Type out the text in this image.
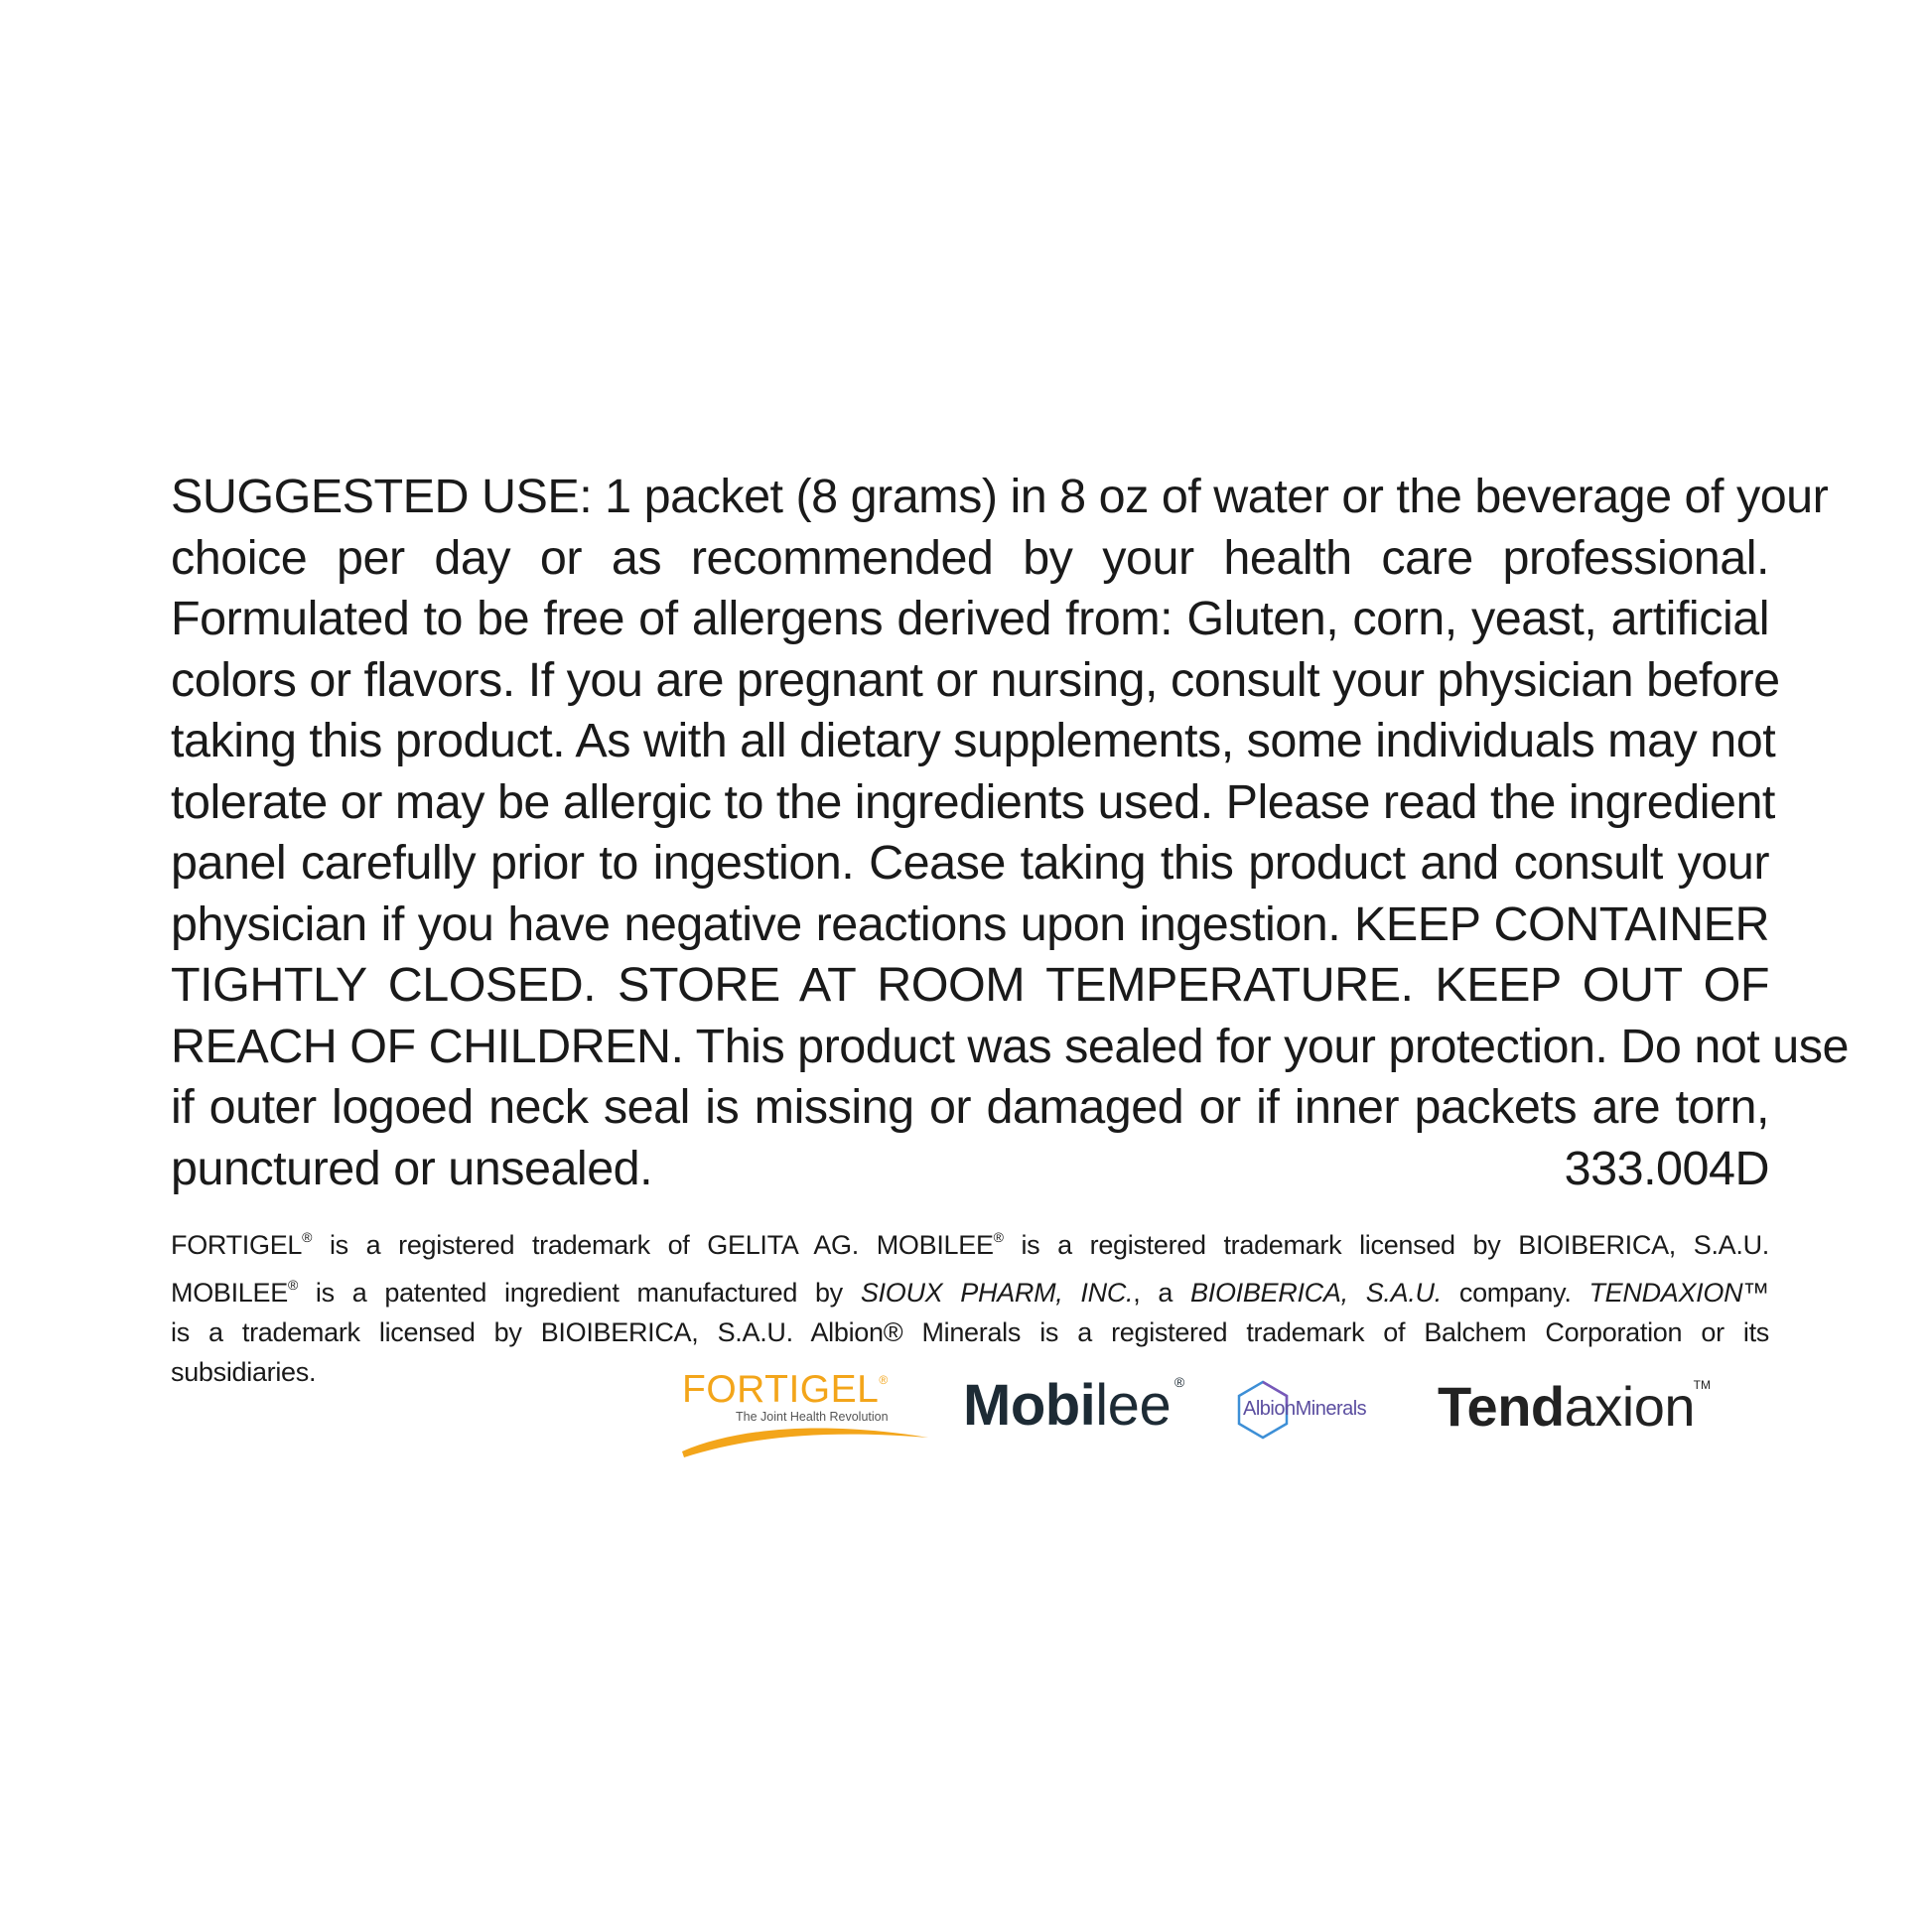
SUGGESTED USE: 1 packet (8 grams) in 8 oz of water or the beverage of your
choice per day or as recommended by your health care professional.
Formulated to be free of allergens derived from: Gluten, corn, yeast, artificial
colors or flavors. If you are pregnant or nursing, consult your physician before
taking this product. As with all dietary supplements, some individuals may not
tolerate or may be allergic to the ingredients used. Please read the ingredient
panel carefully prior to ingestion. Cease taking this product and consult your
physician if you have negative reactions upon ingestion. KEEP CONTAINER
TIGHTLY CLOSED. STORE AT ROOM TEMPERATURE. KEEP OUT OF
REACH OF CHILDREN. This product was sealed for your protection. Do not use
if outer logoed neck seal is missing or damaged or if inner packets are torn,
punctured or unsealed.	333.004D
FORTIGEL® is a registered trademark of GELITA AG. MOBILEE® is a registered trademark licensed by BIOIBERICA, S.A.U.
MOBILEE® is a patented ingredient manufactured by SIOUX PHARM, INC., a BIOIBERICA, S.A.U. company. TENDAXION™
is a trademark licensed by BIOIBERICA, S.A.U. Albion® Minerals is a registered trademark of Balchem Corporation or its
subsidiaries.	FORTIGEL®
The Joint Health Revolution Mobilee ®
AlbionMinerals Tendaxion
TM
